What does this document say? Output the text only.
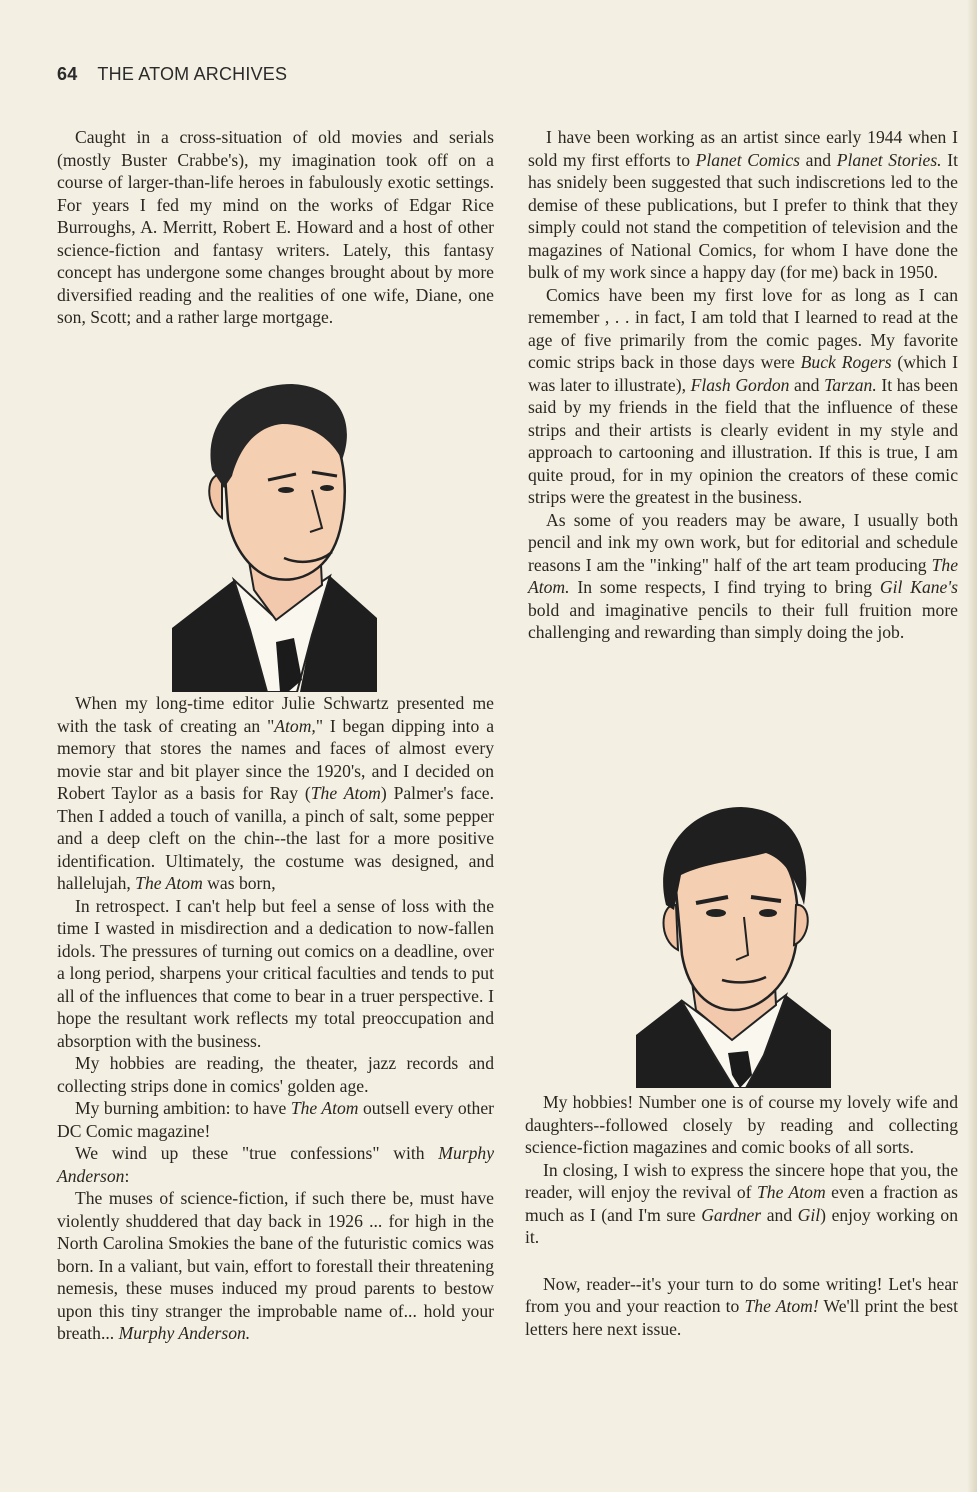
64 THE ATOM ARCHIVES

Caught in a cross-situation of old movies and serials (mostly Buster Crabbe's), my imagination took off on a course of larger-than-life heroes in fabulously exotic settings. For years I fed my mind on the works of Edgar Rice Burroughs, A. Merritt, Robert E. Howard and a host of other science-fiction and fantasy writers. Lately, this fantasy concept has undergone some changes brought about by more diversified reading and the realities of one wife, Diane, one son, Scott; and a rather large mortgage.

When my long-time editor Julie Schwartz presented me with the task of creating an "Atom," I began dipping into a memory that stores the names and faces of almost every movie star and bit player since the 1920's, and I decided on Robert Taylor as a basis for Ray (The Atom) Palmer's face. Then I added a touch of vanilla, a pinch of salt, some pepper and a deep cleft on the chin--the last for a more positive identification. Ultimately, the costume was designed, and hallelujah, The Atom was born,

In retrospect. I can't help but feel a sense of loss with the time I wasted in misdirection and a dedication to now-fallen idols. The pressures of turning out comics on a deadline, over a long period, sharpens your critical faculties and tends to put all of the influences that come to bear in a truer perspective. I hope the resultant work reflects my total preoccupation and absorption with the business.

My hobbies are reading, the theater, jazz records and collecting strips done in comics' golden age.

My burning ambition: to have The Atom outsell every other DC Comic magazine!

We wind up these "true confessions" with Murphy Anderson:

The muses of science-fiction, if such there be, must have violently shuddered that day back in 1926 ... for high in the North Carolina Smokies the bane of the futuristic comics was born. In a valiant, but vain, effort to forestall their threatening nemesis, these muses induced my proud parents to bestow upon this tiny stranger the improbable name of... hold your breath... Murphy Anderson.

I have been working as an artist since early 1944 when I sold my first efforts to Planet Comics and Planet Stories. It has snidely been suggested that such indiscretions led to the demise of these publications, but I prefer to think that they simply could not stand the competition of television and the magazines of National Comics, for whom I have done the bulk of my work since a happy day (for me) back in 1950.

Comics have been my first love for as long as I can remember , . . in fact, I am told that I learned to read at the age of five primarily from the comic pages. My favorite comic strips back in those days were Buck Rogers (which I was later to illustrate), Flash Gordon and Tarzan. It has been said by my friends in the field that the influence of these strips and their artists is clearly evident in my style and approach to cartooning and illustration. If this is true, I am quite proud, for in my opinion the creators of these comic strips were the greatest in the business.

As some of you readers may be aware, I usually both pencil and ink my own work, but for editorial and schedule reasons I am the "inking" half of the art team producing The Atom. In some respects, I find trying to bring Gil Kane's bold and imaginative pencils to their full fruition more challenging and rewarding than simply doing the job.

My hobbies! Number one is of course my lovely wife and daughters--followed closely by reading and collecting science-fiction magazines and comic books of all sorts.

In closing, I wish to express the sincere hope that you, the reader, will enjoy the revival of The Atom even a fraction as much as I (and I'm sure Gardner and Gil) enjoy working on it.

Now, reader--it's your turn to do some writing! Let's hear from you and your reaction to The Atom! We'll print the best letters here next issue.
